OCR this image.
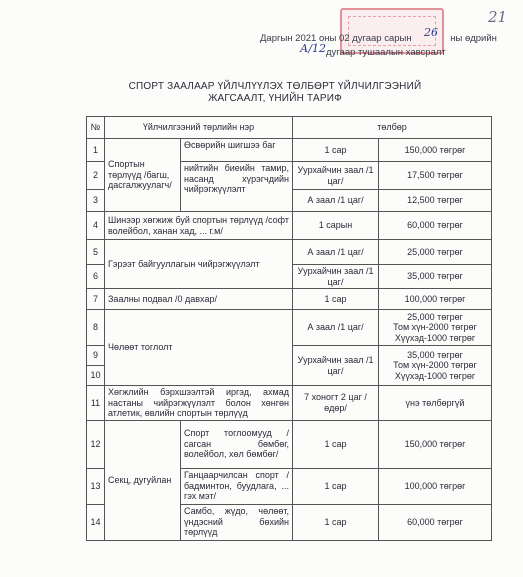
21
Даргын 2021 оны 02 дугаар сарын	ны өдрийн
26
А/12 дугаар тушаалын хавсралт
СПОРТ ЗААЛААР ҮЙЛЧЛҮҮЛЭХ ТӨЛБӨРТ ҮЙЛЧИЛГЭЭНИЙ
ЖАГСААЛТ, ҮНИЙН ТАРИФ
№	Үйлчилгээний төрлийн нэр		төлбөр	
1	Спортын төрлүүд /багш, дасгалжуулагч/	Өсвөрийн шигшээ баг	1 сар	150,000 төгрөг
2		нийтийн биеийн тамир, насанд хүрэгчдийн чийрэгжүүлэлт	Уурхайчин заал /1 цаг/	17,500 төгрөг
3			А заал /1 цаг/	12,500 төгрөг
4	Шинээр хөгжиж буй спортын төрлүүд /софт волейбол, ханан хад, ... г.м/		1 сарын	60,000 төгрөг
5	Гэрээт байгууллагын чийрэгжүүлэлт		А заал /1 цаг/	25,000 төгрөг
6			Уурхайчин заал /1 цаг/	35,000 төгрөг
7	Заалны подвал /0 давхар/		1 сар	100,000 төгрөг
8	Чөлөөт тоглолт		А заал /1 цаг/	25,000 төгрөг
Том хүн-2000 төгрөг
Хүүхэд-1000 төгрөг

9			Уурхайчин заал /1 цаг/	35,000 төгрөг
Том хүн-2000 төгрөг
Хүүхэд-1000 төгрөг

10				
11	Хөгжлийн бэрхшээлтэй иргэд, ахмад настаны чийрэгжүүлэлт болон хөнгөн атлетик, өвлийн спортын төрлүүд		7 хоногт 2 цаг /өдөр/	үнэ төлбөргүй
12	Секц, дугуйлан	Спорт тоглоомууд /сагсан бөмбөг, волейбол, хөл бөмбөг/	1 сар	150,000 төгрөг
13		Ганцаарчилсан спорт /бадминтон, буудлага, ... гэх мэт/	1 сар	100,000 төгрөг
14		Самбо, жүдо, чөлөөт, үндэсний бөхийн төрлүүд	1 сар	60,000 төгрөг
